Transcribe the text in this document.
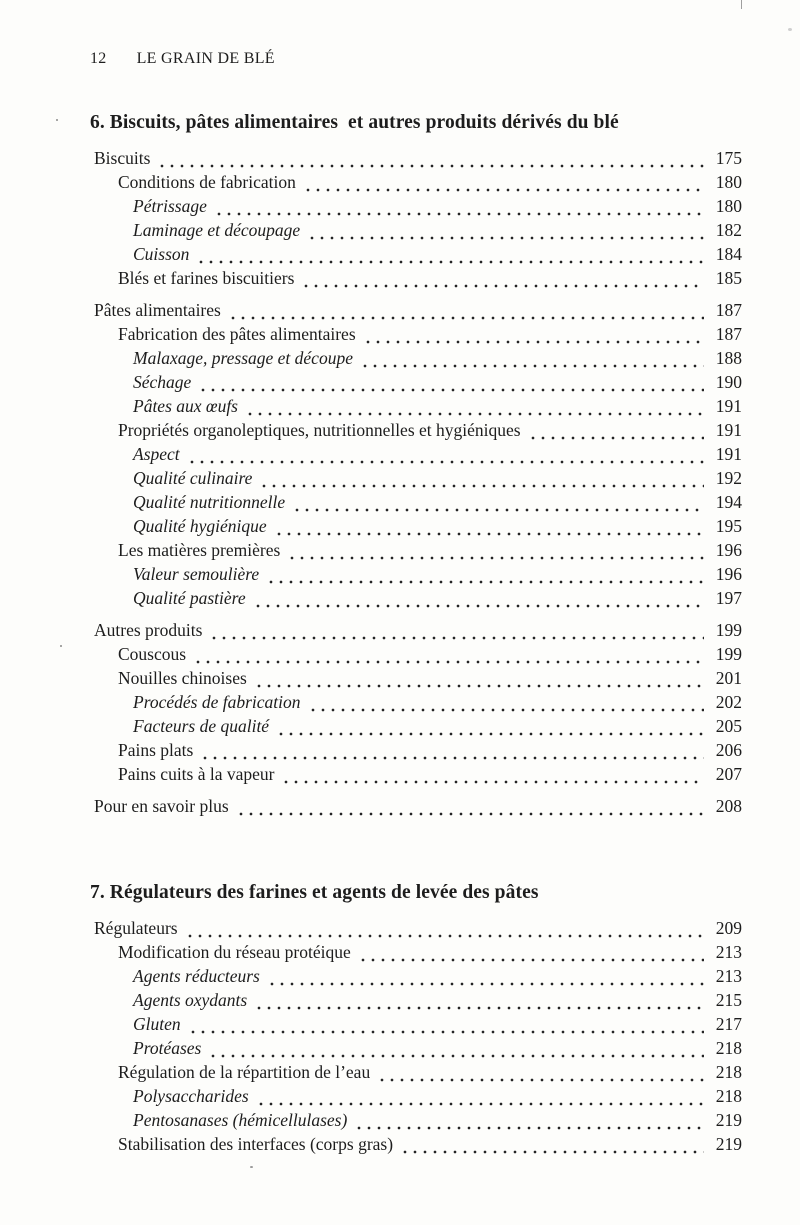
12 LE GRAIN DE BLÉ
6. Biscuits, pâtes alimentaires  et autres produits dérivés du blé
Biscuits	175
Conditions de fabrication	180
Pétrissage	180
Laminage et découpage	182
Cuisson	184
Blés et farines biscuitiers	185
Pâtes alimentaires	187
Fabrication des pâtes alimentaires	187
Malaxage, pressage et découpe	188
Séchage	190
Pâtes aux œufs	191
Propriétés organoleptiques, nutritionnelles et hygiéniques	191
Aspect	191
Qualité culinaire	192
Qualité nutritionnelle	194
Qualité hygiénique	195
Les matières premières	196
Valeur semoulière	196
Qualité pastière	197
Autres produits	199
Couscous	199
Nouilles chinoises	201
Procédés de fabrication	202
Facteurs de qualité	205
Pains plats	206
Pains cuits à la vapeur	207
Pour en savoir plus	208
7. Régulateurs des farines et agents de levée des pâtes
Régulateurs	209
Modification du réseau protéique	213
Agents réducteurs	213
Agents oxydants	215
Gluten	217
Protéases	218
Régulation de la répartition de l’eau	218
Polysaccharides	218
Pentosanases (hémicellulases)	219
Stabilisation des interfaces (corps gras)	219
